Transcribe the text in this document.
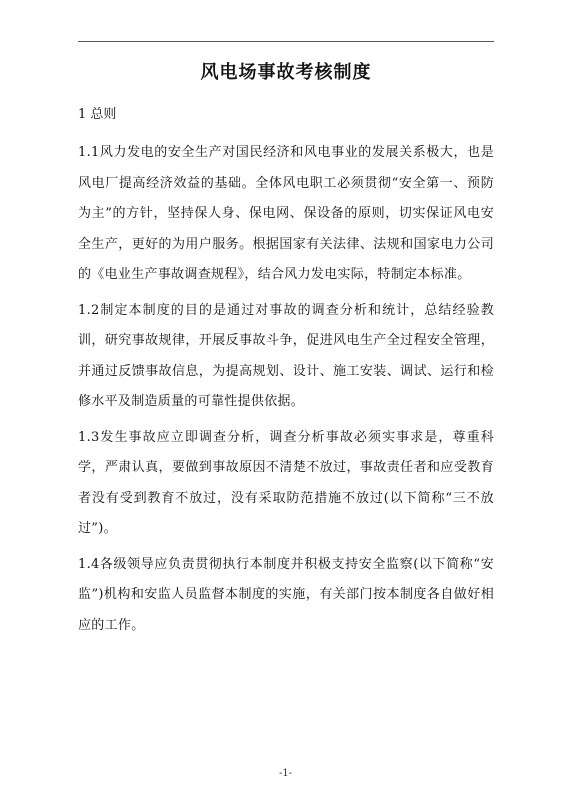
风电场事故考核制度

1 总则

1.1风力发电的安全生产对国民经济和风电事业的发展关系极大，也是风电厂提高经济效益的基础。全体风电职工必须贯彻“安全第一、预防为主”的方针，坚持保人身、保电网、保设备的原则，切实保证风电安全生产，更好的为用户服务。根据国家有关法律、法规和国家电力公司的《电业生产事故调查规程》，结合风力发电实际，特制定本标准。

1.2制定本制度的目的是通过对事故的调查分析和统计，总结经验教训，研究事故规律，开展反事故斗争，促进风电生产全过程安全管理，并通过反馈事故信息，为提高规划、设计、施工安装、调试、运行和检修水平及制造质量的可靠性提供依据。

1.3发生事故应立即调查分析，调查分析事故必须实事求是，尊重科学，严肃认真，要做到事故原因不清楚不放过，事故责任者和应受教育者没有受到教育不放过，没有采取防范措施不放过(以下简称“三不放过”)。

1.4各级领导应负责贯彻执行本制度并积极支持安全监察(以下简称“安监”)机构和安监人员监督本制度的实施，有关部门按本制度各自做好相应的工作。

-1-
